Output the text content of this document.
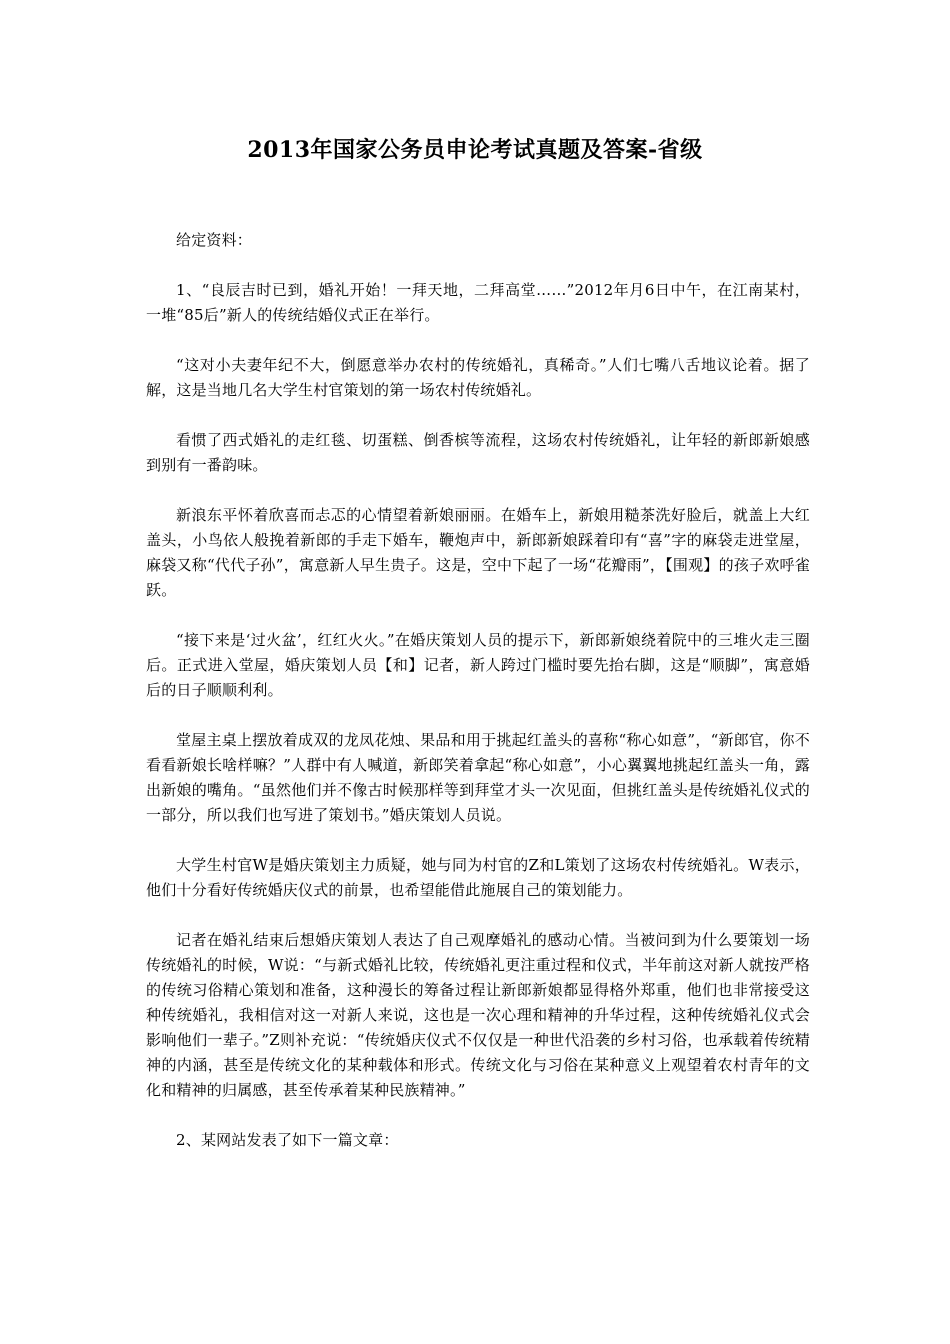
2013年国家公务员申论考试真题及答案-省级

给定资料：

1、“良辰吉时已到，婚礼开始！一拜天地，二拜高堂……”2012年月6日中午，在江南某村，一堆“85后”新人的传统结婚仪式正在举行。

“这对小夫妻年纪不大，倒愿意举办农村的传统婚礼，真稀奇。”人们七嘴八舌地议论着。据了解，这是当地几名大学生村官策划的第一场农村传统婚礼。

看惯了西式婚礼的走红毯、切蛋糕、倒香槟等流程，这场农村传统婚礼，让年轻的新郎新娘感到别有一番韵味。

新浪东平怀着欣喜而忐忑的心情望着新娘丽丽。在婚车上，新娘用糙茶洗好脸后，就盖上大红盖头，小鸟依人般挽着新郎的手走下婚车，鞭炮声中，新郎新娘踩着印有“喜”字的麻袋走进堂屋，麻袋又称“代代子孙”，寓意新人早生贵子。这是，空中下起了一场“花瓣雨”，【围观】的孩子欢呼雀跃。

“接下来是‘过火盆’，红红火火。”在婚庆策划人员的提示下，新郎新娘绕着院中的三堆火走三圈后。正式进入堂屋，婚庆策划人员【和】记者，新人跨过门槛时要先抬右脚，这是“顺脚”，寓意婚后的日子顺顺利利。

堂屋主桌上摆放着成双的龙凤花烛、果品和用于挑起红盖头的喜称“称心如意”，“新郎官，你不看看新娘长啥样嘛？”人群中有人喊道，新郎笑着拿起“称心如意”，小心翼翼地挑起红盖头一角，露出新娘的嘴角。“虽然他们并不像古时候那样等到拜堂才头一次见面，但挑红盖头是传统婚礼仪式的一部分，所以我们也写进了策划书。”婚庆策划人员说。

大学生村官W是婚庆策划主力质疑，她与同为村官的Z和L策划了这场农村传统婚礼。W表示，他们十分看好传统婚庆仪式的前景，也希望能借此施展自己的策划能力。

记者在婚礼结束后想婚庆策划人表达了自己观摩婚礼的感动心情。当被问到为什么要策划一场传统婚礼的时候，W说：“与新式婚礼比较，传统婚礼更注重过程和仪式，半年前这对新人就按严格的传统习俗精心策划和准备，这种漫长的筹备过程让新郎新娘都显得格外郑重，他们也非常接受这种传统婚礼，我相信对这一对新人来说，这也是一次心理和精神的升华过程，这种传统婚礼仪式会影响他们一辈子。”Z则补充说：“传统婚庆仪式不仅仅是一种世代沿袭的乡村习俗，也承载着传统精神的内涵，甚至是传统文化的某种载体和形式。传统文化与习俗在某种意义上观望着农村青年的文化和精神的归属感，甚至传承着某种民族精神。”

2、某网站发表了如下一篇文章：
